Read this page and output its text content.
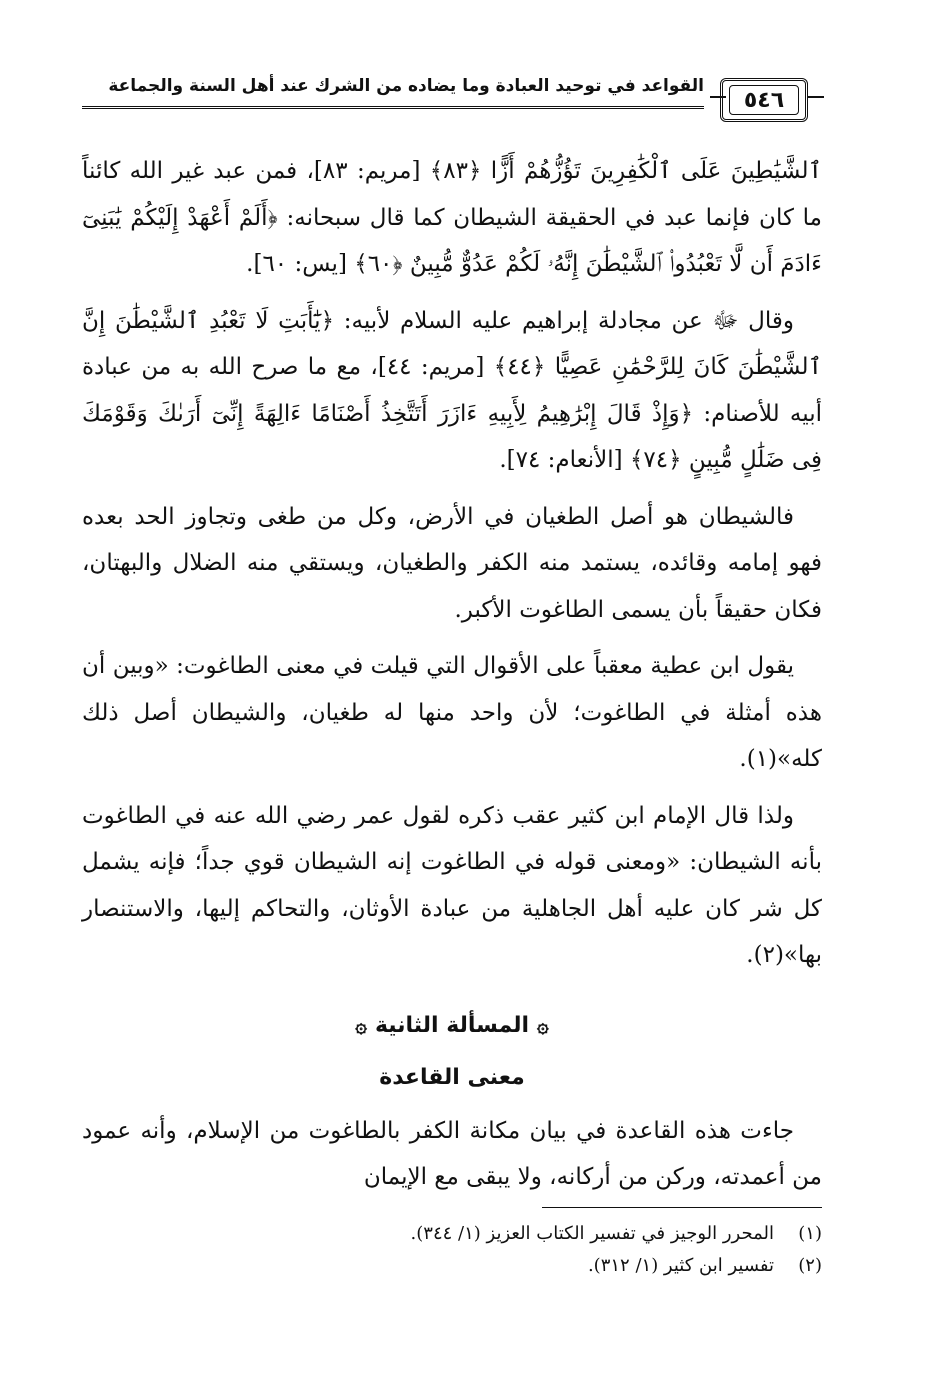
٥٤٦
القواعد في توحيد العبادة وما يضاده من الشرك عند أهل السنة والجماعة

ٱلشَّيَٰطِينَ عَلَى ٱلْكَٰفِرِينَ تَؤُزُّهُمْ أَزًّا ﴿٨٣﴾ [مريم: ٨٣]، فمن عبد غير الله كائناً ما كان فإنما عبد في الحقيقة الشيطان كما قال سبحانه: ﴿أَلَمْ أَعْهَدْ إِلَيْكُمْ يَٰبَنِىٓ ءَادَمَ أَن لَّا تَعْبُدُوا۟ ٱلشَّيْطَٰنَ إِنَّهُۥ لَكُمْ عَدُوٌّ مُّبِينٌ ﴿٦٠﴾ [يس: ٦٠].

وقال ﷻ عن مجادلة إبراهيم عليه السلام لأبيه: ﴿يَٰٓأَبَتِ لَا تَعْبُدِ ٱلشَّيْطَٰنَ إِنَّ ٱلشَّيْطَٰنَ كَانَ لِلرَّحْمَٰنِ عَصِيًّا ﴿٤٤﴾ [مريم: ٤٤]، مع ما صرح الله به من عبادة أبيه للأصنام: ﴿وَإِذْ قَالَ إِبْرَٰهِيمُ لِأَبِيهِ ءَازَرَ أَتَتَّخِذُ أَصْنَامًا ءَالِهَةً إِنِّىٓ أَرَىٰكَ وَقَوْمَكَ فِى ضَلَٰلٍ مُّبِينٍ ﴿٧٤﴾ [الأنعام: ٧٤].

فالشيطان هو أصل الطغيان في الأرض، وكل من طغى وتجاوز الحد بعده فهو إمامه وقائده، يستمد منه الكفر والطغيان، ويستقي منه الضلال والبهتان، فكان حقيقاً بأن يسمى الطاغوت الأكبر.

يقول ابن عطية معقباً على الأقوال التي قيلت في معنى الطاغوت: «وبين أن هذه أمثلة في الطاغوت؛ لأن واحد منها له طغيان، والشيطان أصل ذلك كله»(١).

ولذا قال الإمام ابن كثير عقب ذكره لقول عمر رضي الله عنه في الطاغوت بأنه الشيطان: «ومعنى قوله في الطاغوت إنه الشيطان قوي جداً؛ فإنه يشمل كل شر كان عليه أهل الجاهلية من عبادة الأوثان، والتحاكم إليها، والاستنصار بها»(٢).

۞المسألة الثانية۞
معنى القاعدة

جاءت هذه القاعدة في بيان مكانة الكفر بالطاغوت من الإسلام، وأنه عمود من أعمدته، وركن من أركانه، ولا يبقى مع الإيمان

(١)المحرر الوجيز في تفسير الكتاب العزيز (١/ ٣٤٤).

(٢)تفسير ابن كثير (١/ ٣١٢).
